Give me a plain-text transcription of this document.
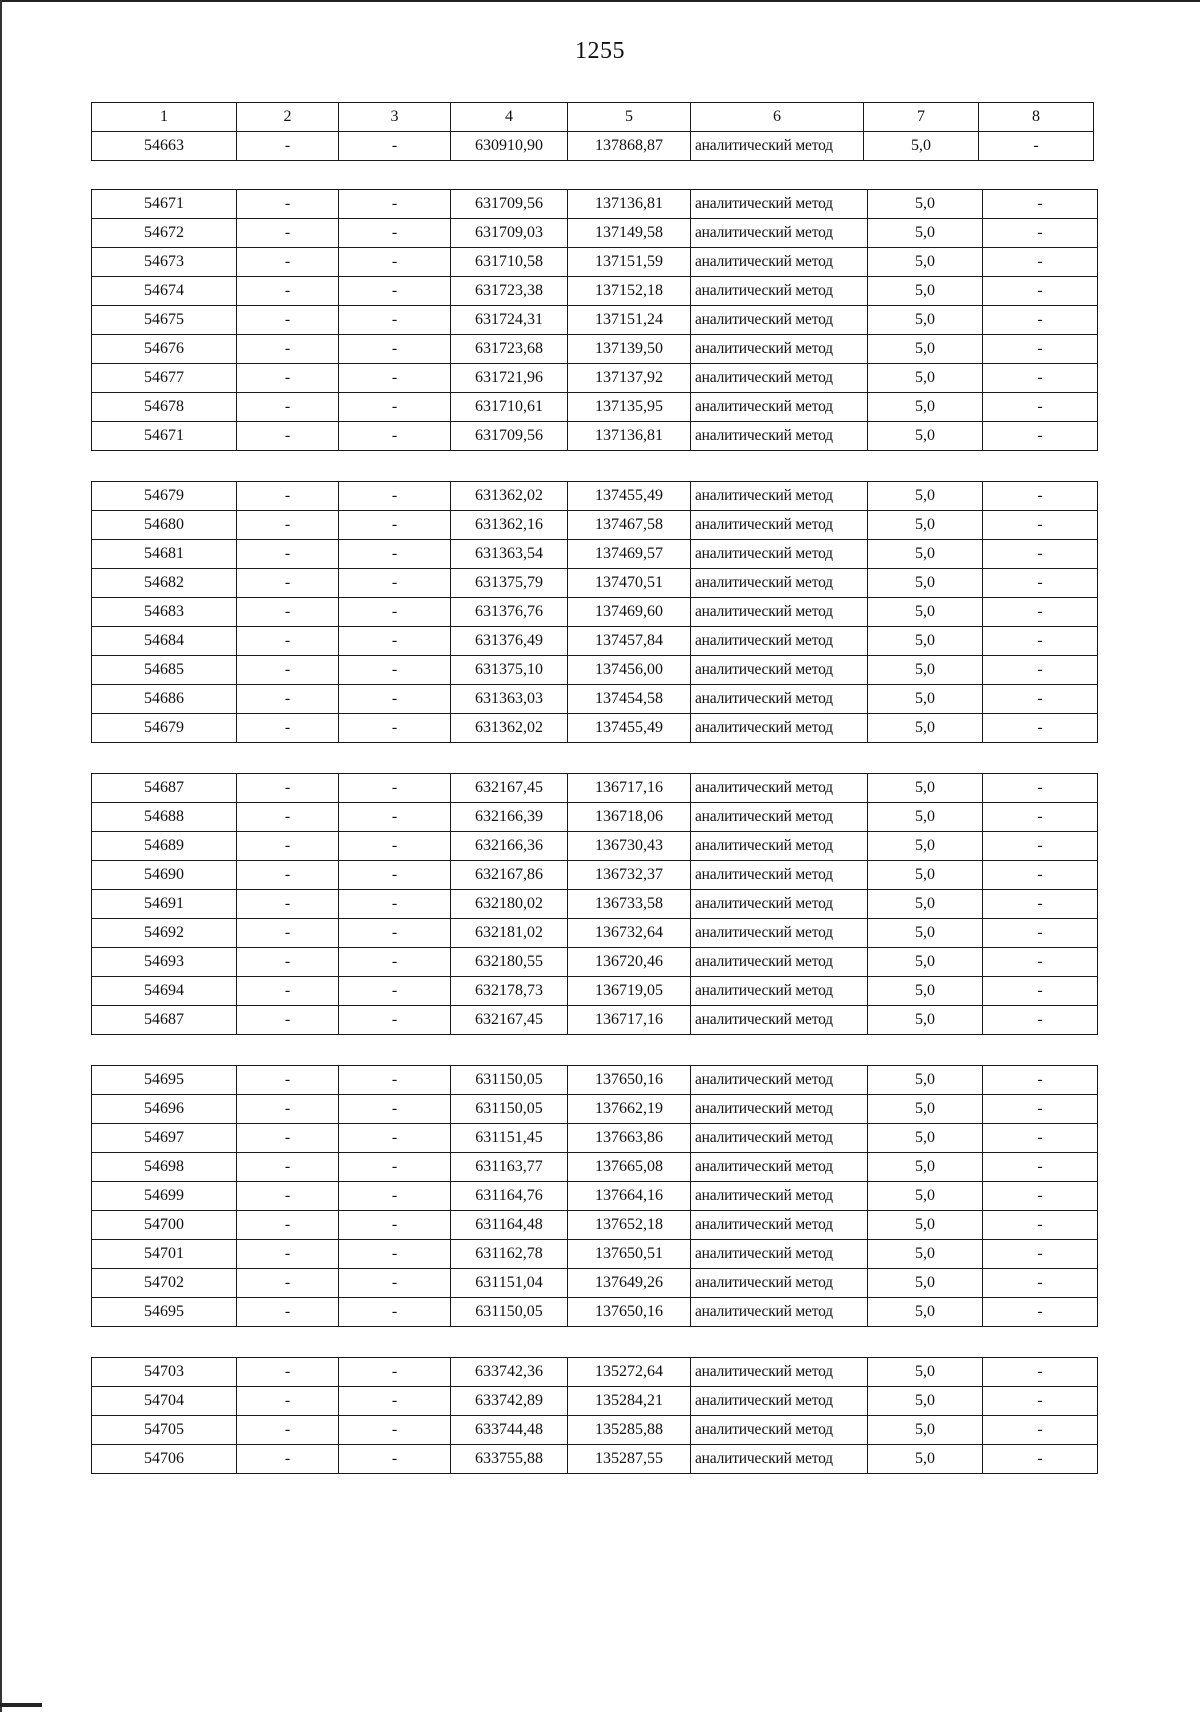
1255
1	2	3	4	5	6	7	8
54663	-	-	630910,90	137868,87	аналитический метод	5,0	-
54671	-	-	631709,56	137136,81	аналитический метод	5,0	-
54672	-	-	631709,03	137149,58	аналитический метод	5,0	-
54673	-	-	631710,58	137151,59	аналитический метод	5,0	-
54674	-	-	631723,38	137152,18	аналитический метод	5,0	-
54675	-	-	631724,31	137151,24	аналитический метод	5,0	-
54676	-	-	631723,68	137139,50	аналитический метод	5,0	-
54677	-	-	631721,96	137137,92	аналитический метод	5,0	-
54678	-	-	631710,61	137135,95	аналитический метод	5,0	-
54671	-	-	631709,56	137136,81	аналитический метод	5,0	-
54679	-	-	631362,02	137455,49	аналитический метод	5,0	-
54680	-	-	631362,16	137467,58	аналитический метод	5,0	-
54681	-	-	631363,54	137469,57	аналитический метод	5,0	-
54682	-	-	631375,79	137470,51	аналитический метод	5,0	-
54683	-	-	631376,76	137469,60	аналитический метод	5,0	-
54684	-	-	631376,49	137457,84	аналитический метод	5,0	-
54685	-	-	631375,10	137456,00	аналитический метод	5,0	-
54686	-	-	631363,03	137454,58	аналитический метод	5,0	-
54679	-	-	631362,02	137455,49	аналитический метод	5,0	-
54687	-	-	632167,45	136717,16	аналитический метод	5,0	-
54688	-	-	632166,39	136718,06	аналитический метод	5,0	-
54689	-	-	632166,36	136730,43	аналитический метод	5,0	-
54690	-	-	632167,86	136732,37	аналитический метод	5,0	-
54691	-	-	632180,02	136733,58	аналитический метод	5,0	-
54692	-	-	632181,02	136732,64	аналитический метод	5,0	-
54693	-	-	632180,55	136720,46	аналитический метод	5,0	-
54694	-	-	632178,73	136719,05	аналитический метод	5,0	-
54687	-	-	632167,45	136717,16	аналитический метод	5,0	-
54695	-	-	631150,05	137650,16	аналитический метод	5,0	-
54696	-	-	631150,05	137662,19	аналитический метод	5,0	-
54697	-	-	631151,45	137663,86	аналитический метод	5,0	-
54698	-	-	631163,77	137665,08	аналитический метод	5,0	-
54699	-	-	631164,76	137664,16	аналитический метод	5,0	-
54700	-	-	631164,48	137652,18	аналитический метод	5,0	-
54701	-	-	631162,78	137650,51	аналитический метод	5,0	-
54702	-	-	631151,04	137649,26	аналитический метод	5,0	-
54695	-	-	631150,05	137650,16	аналитический метод	5,0	-
54703	-	-	633742,36	135272,64	аналитический метод	5,0	-
54704	-	-	633742,89	135284,21	аналитический метод	5,0	-
54705	-	-	633744,48	135285,88	аналитический метод	5,0	-
54706	-	-	633755,88	135287,55	аналитический метод	5,0	-
